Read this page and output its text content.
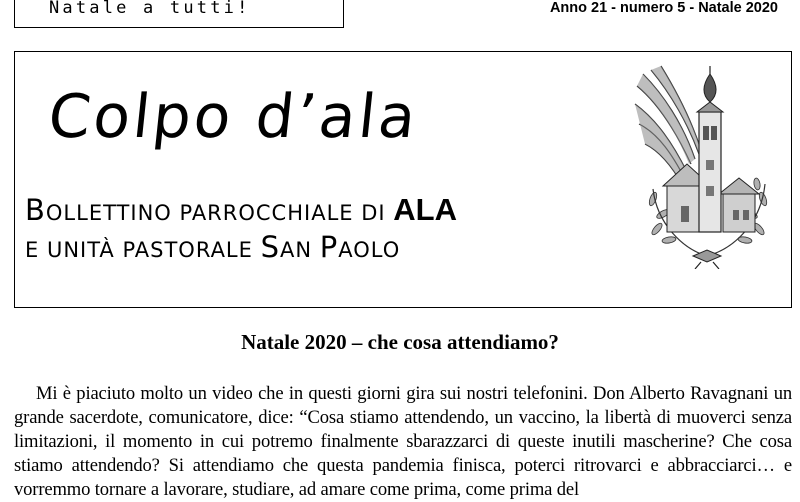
Natale a tutti!	Anno 21 - numero 5 - Natale 2020
Colpo d’ala
BOLLETTINO PARROCCHIALE DI ALA
E UNITÀ PASTORALE SAN PAOLO
Natale 2020 – che cosa attendiamo?
Mi è piaciuto molto un video che in questi giorni gira sui nostri telefonini. Don Alberto Ravagnani un grande sacerdote, comunicatore, dice: “Cosa stiamo attendendo, un vaccino, la libertà di muoverci senza limitazioni, il momento in cui potremo finalmente sbarazzarci di queste inutili mascherine? Che cosa stiamo attendendo? Si attendiamo che questa pandemia finisca, poterci ritrovarci e abbracciarci… e vorremmo tornare a lavorare, studiare, ad amare come prima, come prima del
